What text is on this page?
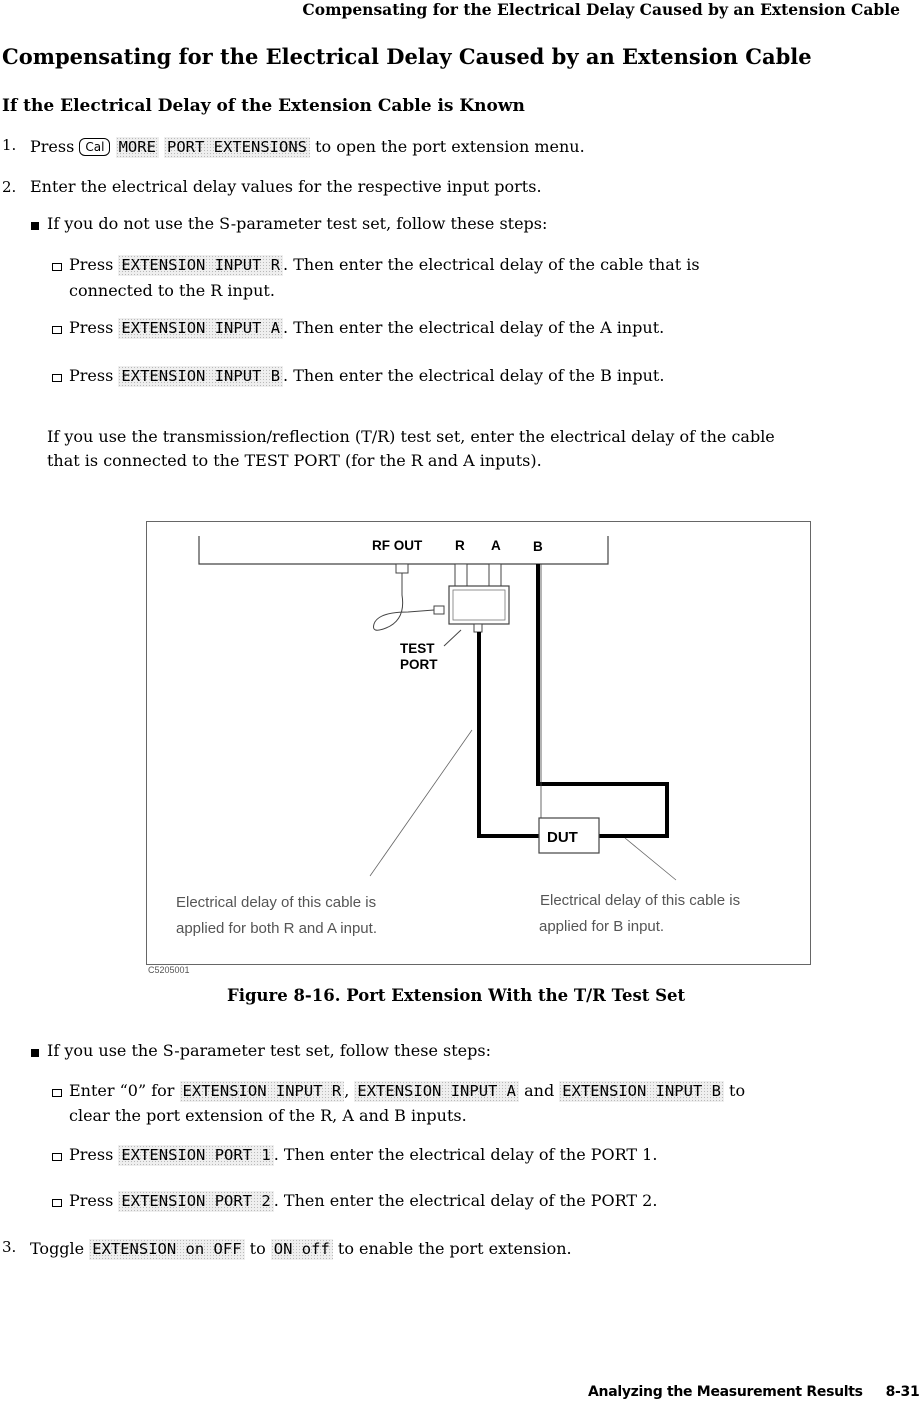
Compensating for the Electrical Delay Caused by an Extension Cable
Compensating for the Electrical Delay Caused by an Extension Cable
If the Electrical Delay of the Extension Cable is Known
1. Press Cal MORE PORT EXTENSIONS to open the port extension menu.
2. Enter the electrical delay values for the respective input ports.
If you do not use the S-parameter test set, follow these steps:
Press EXTENSION INPUT R . Then enter the electrical delay of the cable that is
connected to the R input.
Press EXTENSION INPUT A . Then enter the electrical delay of the A input.
Press EXTENSION INPUT B . Then enter the electrical delay of the B input.
If you use the transmission/reflection (T/R) test set, enter the electrical delay of the cable
that is connected to the TEST PORT (for the R and A inputs).
RF OUT R A B
TEST
PORT
DUT
Electrical delay of this cable is
applied for both R and A input.
Electrical delay of this cable is
applied for B input.
C5205001
Figure 8-16. Port Extension With the T/R Test Set
If you use the S-parameter test set, follow these steps:
Enter “0” for EXTENSION INPUT R , EXTENSION INPUT A and EXTENSION INPUT B to
clear the port extension of the R, A and B inputs.
Press EXTENSION PORT 1 . Then enter the electrical delay of the PORT 1.
Press EXTENSION PORT 2 . Then enter the electrical delay of the PORT 2.
3. Toggle EXTENSION on OFF to ON off to enable the port extension.
Analyzing the Measurement Results     8-31
